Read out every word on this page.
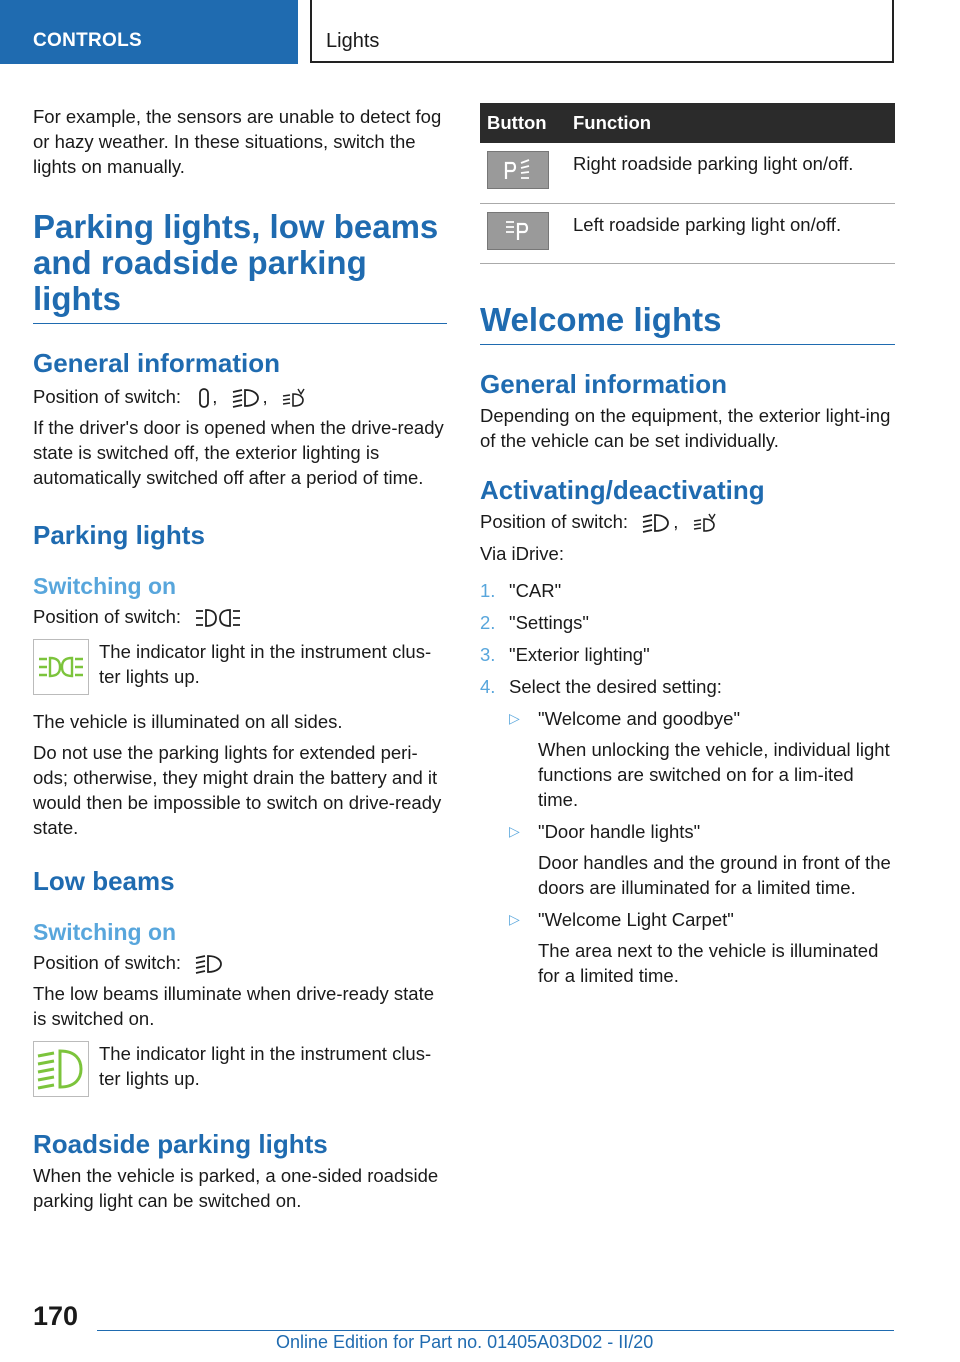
CONTROLS	Lights

For example, the sensors are unable to detect fog or hazy weather. In these situations, switch the lights on manually.

Parking lights, low beams and roadside parking lights
General information

Position of switch: , ,

If the driver's door is opened when the drive-ready state is switched off, the exterior lighting is automatically switched off after a period of time.

Parking lights
Switching on

Position of switch:

The indicator light in the instrument clus-ter lights up.

The vehicle is illuminated on all sides.

Do not use the parking lights for extended peri-ods; otherwise, they might drain the battery and it would then be impossible to switch on drive-ready state.

Low beams
Switching on

Position of switch:

The low beams illuminate when drive-ready state is switched on.

The indicator light in the instrument clus-ter lights up.

Roadside parking lights

When the vehicle is parked, a one-sided roadside parking light can be switched on.

Button	Function

	Right roadside parking light on/off.

	Left roadside parking light on/off.
Welcome lights
General information

Depending on the equipment, the exterior light-ing of the vehicle can be set individually.

Activating/deactivating

Position of switch: ,

Via iDrive:

1. "CAR"
2. "Settings"
3. "Exterior lighting"
4. Select the desired setting:
▷ "Welcome and goodbye"
When unlocking the vehicle, individual light functions are switched on for a lim-ited time.
▷ "Door handle lights"
Door handles and the ground in front of the doors are illuminated for a limited time.
▷ "Welcome Light Carpet"
The area next to the vehicle is illuminated for a limited time.
170
Online Edition for Part no. 01405A03D02 - II/20
